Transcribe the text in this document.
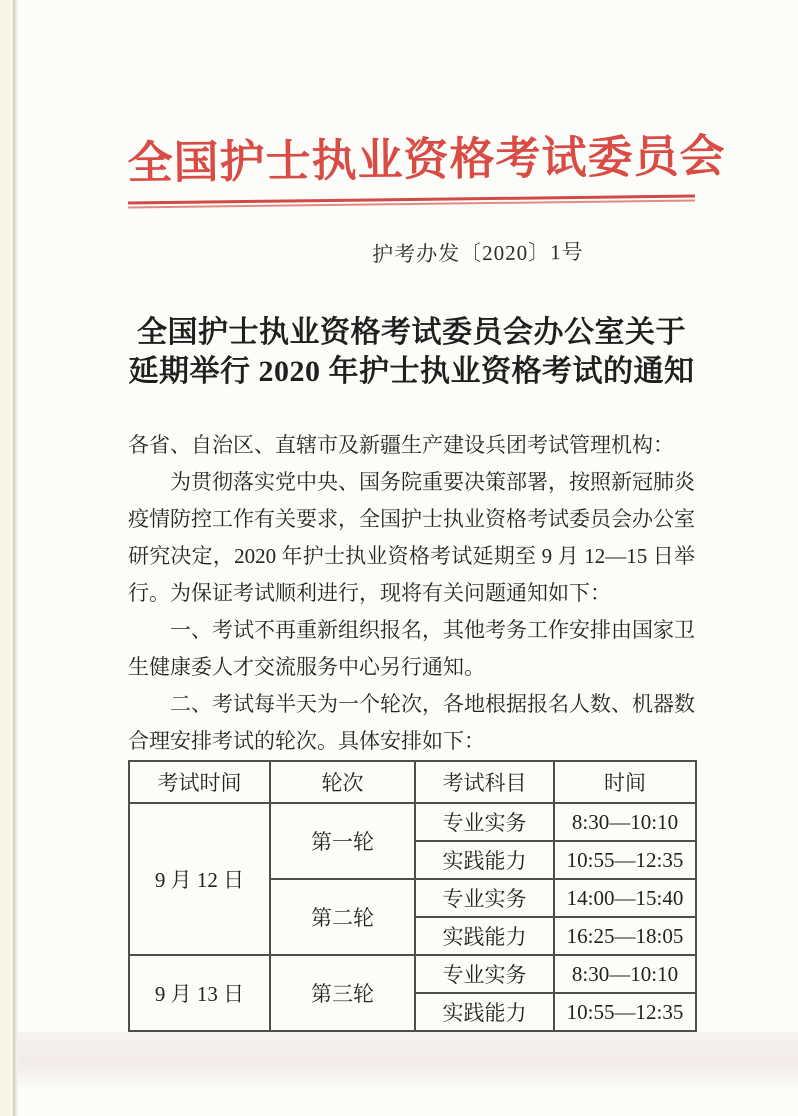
全国护士执业资格考试委员会
护考办发〔2020〕1号
全国护士执业资格考试委员会办公室关于
延期举行 2020 年护士执业资格考试的通知
各省、自治区、直辖市及新疆生产建设兵团考试管理机构：
为贯彻落实党中央、国务院重要决策部署，按照新冠肺炎
疫情防控工作有关要求，全国护士执业资格考试委员会办公室
研究决定，2020 年护士执业资格考试延期至 9 月 12—15 日举
行。为保证考试顺利进行，现将有关问题通知如下：
一、考试不再重新组织报名，其他考务工作安排由国家卫
生健康委人才交流服务中心另行通知。
二、考试每半天为一个轮次，各地根据报名人数、机器数
合理安排考试的轮次。具体安排如下：
考试时间	轮次	考试科目	时间
9 月 12 日	第一轮	专业实务	8:30—10:10
		实践能力	10:55—12:35
	第二轮	专业实务	14:00—15:40
		实践能力	16:25—18:05
9 月 13 日	第三轮	专业实务	8:30—10:10
		实践能力	10:55—12:35
